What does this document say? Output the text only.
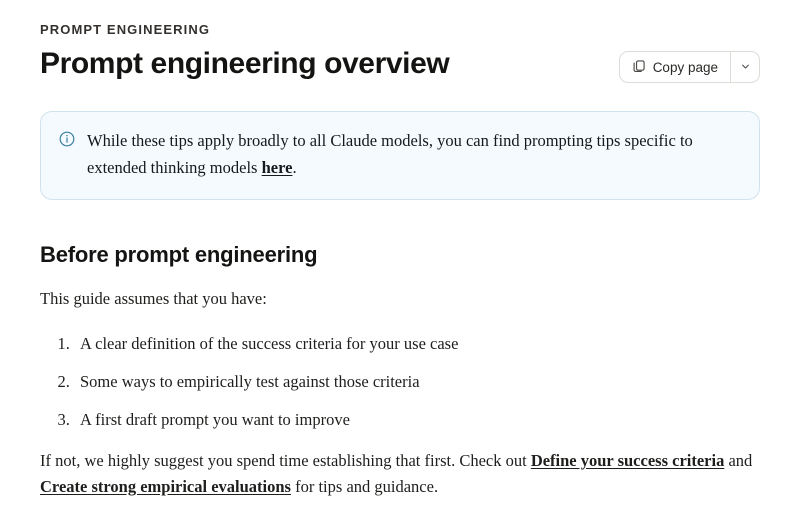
PROMPT ENGINEERING
Prompt engineering overview	Copy page
While these tips apply broadly to all Claude models, you can find prompting tips specific to extended thinking models here.
Before prompt engineering

This guide assumes that you have:

1. A clear definition of the success criteria for your use case
2. Some ways to empirically test against those criteria
3. A first draft prompt you want to improve

If not, we highly suggest you spend time establishing that first. Check out Define your success criteria and Create strong empirical evaluations for tips and guidance.
